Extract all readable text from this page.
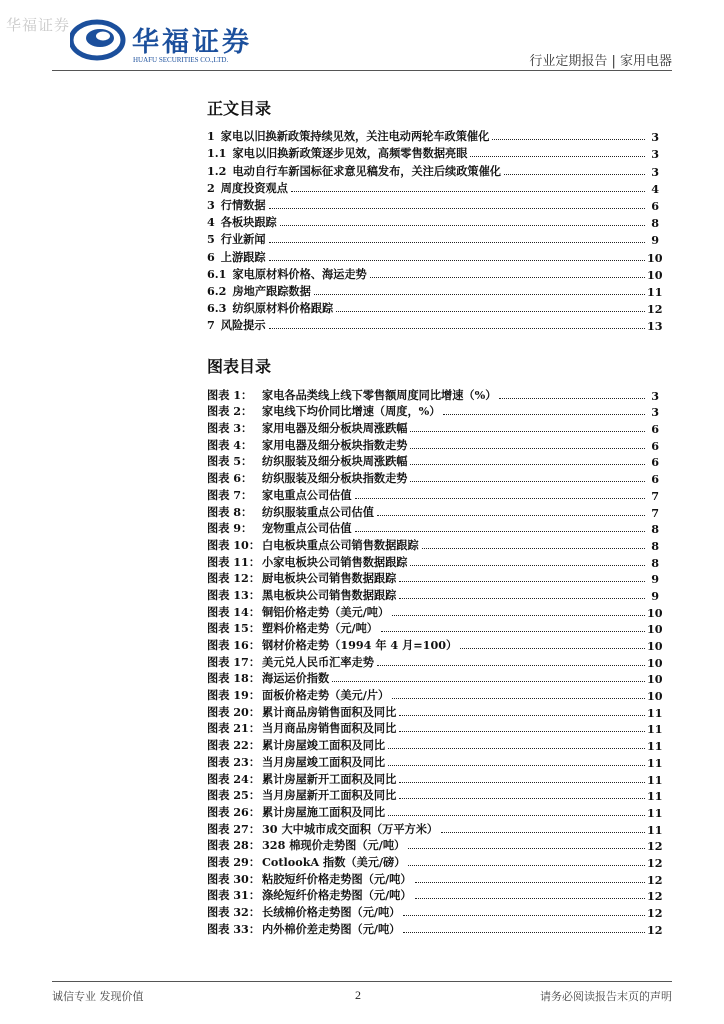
华福证券
华福证券
HUAFU SECURITIES CO.,LTD.	行业定期报告 | 家用电器
正文目录
1 家电以旧换新政策持续见效，关注电动两轮车政策催化	3
1.1 家电以旧换新政策逐步见效，高频零售数据亮眼	3
1.2 电动自行车新国标征求意见稿发布，关注后续政策催化	3
2 周度投资观点	4
3 行情数据	6
4 各板块跟踪	8
5 行业新闻	9
6 上游跟踪	10
6.1 家电原材料价格、海运走势	10
6.2 房地产跟踪数据	11
6.3 纺织原材料价格跟踪	12
7 风险提示	13
图表目录
图表 1： 家电各品类线上线下零售额周度同比增速（%）	3
图表 2： 家电线下均价同比增速（周度，%）	3
图表 3： 家用电器及细分板块周涨跌幅	6
图表 4： 家用电器及细分板块指数走势	6
图表 5： 纺织服装及细分板块周涨跌幅	6
图表 6： 纺织服装及细分板块指数走势	6
图表 7： 家电重点公司估值	7
图表 8： 纺织服装重点公司估值	7
图表 9： 宠物重点公司估值	8
图表 10： 白电板块重点公司销售数据跟踪	8
图表 11： 小家电板块公司销售数据跟踪	8
图表 12： 厨电板块公司销售数据跟踪	9
图表 13： 黑电板块公司销售数据跟踪	9
图表 14： 铜铝价格走势（美元/吨）	10
图表 15： 塑料价格走势（元/吨）	10
图表 16： 钢材价格走势（1994 年 4 月=100）	10
图表 17： 美元兑人民币汇率走势	10
图表 18： 海运运价指数	10
图表 19： 面板价格走势（美元/片）	10
图表 20： 累计商品房销售面积及同比	11
图表 21： 当月商品房销售面积及同比	11
图表 22： 累计房屋竣工面积及同比	11
图表 23： 当月房屋竣工面积及同比	11
图表 24： 累计房屋新开工面积及同比	11
图表 25： 当月房屋新开工面积及同比	11
图表 26： 累计房屋施工面积及同比	11
图表 27： 30 大中城市成交面积（万平方米）	11
图表 28： 328 棉现价走势图（元/吨）	12
图表 29： CotlookA 指数（美元/磅）	12
图表 30： 粘胶短纤价格走势图（元/吨）	12
图表 31： 涤纶短纤价格走势图（元/吨）	12
图表 32： 长绒棉价格走势图（元/吨）	12
图表 33： 内外棉价差走势图（元/吨）	12
诚信专业 发现价值	2	请务必阅读报告末页的声明
